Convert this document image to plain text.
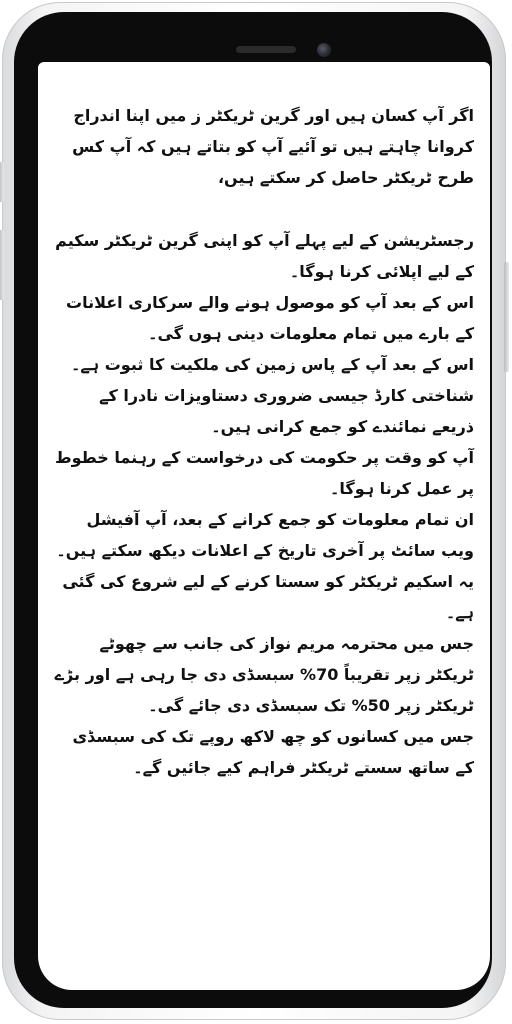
اگر آپ کسان ہیں اور گرین ٹریکٹر ز میں اپنا اندراج کروانا چاہتے ہیں تو آئیے آپ کو بتاتے ہیں کہ آپ کس طرح ٹریکٹر حاصل کر سکتے ہیں،

رجسٹریشن کے لیے پہلے آپ کو اپنی گرین ٹریکٹر سکیم کے لیے اپلائی کرنا ہوگا۔

اس کے بعد آپ کو موصول ہونے والے سرکاری اعلانات کے بارے میں تمام معلومات دینی ہوں گی۔

اس کے بعد آپ کے پاس زمین کی ملکیت کا ثبوت ہے۔

شناختی کارڈ جیسی ضروری دستاویزات نادرا کے ذریعے نمائندے کو جمع کرانی ہیں۔

آپ کو وقت پر حکومت کی درخواست کے رہنما خطوط پر عمل کرنا ہوگا۔

ان تمام معلومات کو جمع کرانے کے بعد، آپ آفیشل ویب سائٹ پر آخری تاریخ کے اعلانات دیکھ سکتے ہیں۔

یہ اسکیم ٹریکٹر کو سستا کرنے کے لیے شروع کی گئی ہے۔

جس میں محترمہ مریم نواز کی جانب سے چھوٹے ٹریکٹر زپر تقریباً 70% سبسڈی دی جا رہی ہے اور بڑے ٹریکٹر زپر 50% تک سبسڈی دی جائے گی۔

جس میں کسانوں کو چھ لاکھ روپے تک کی سبسڈی کے ساتھ سستے ٹریکٹر فراہم کیے جائیں گے۔
